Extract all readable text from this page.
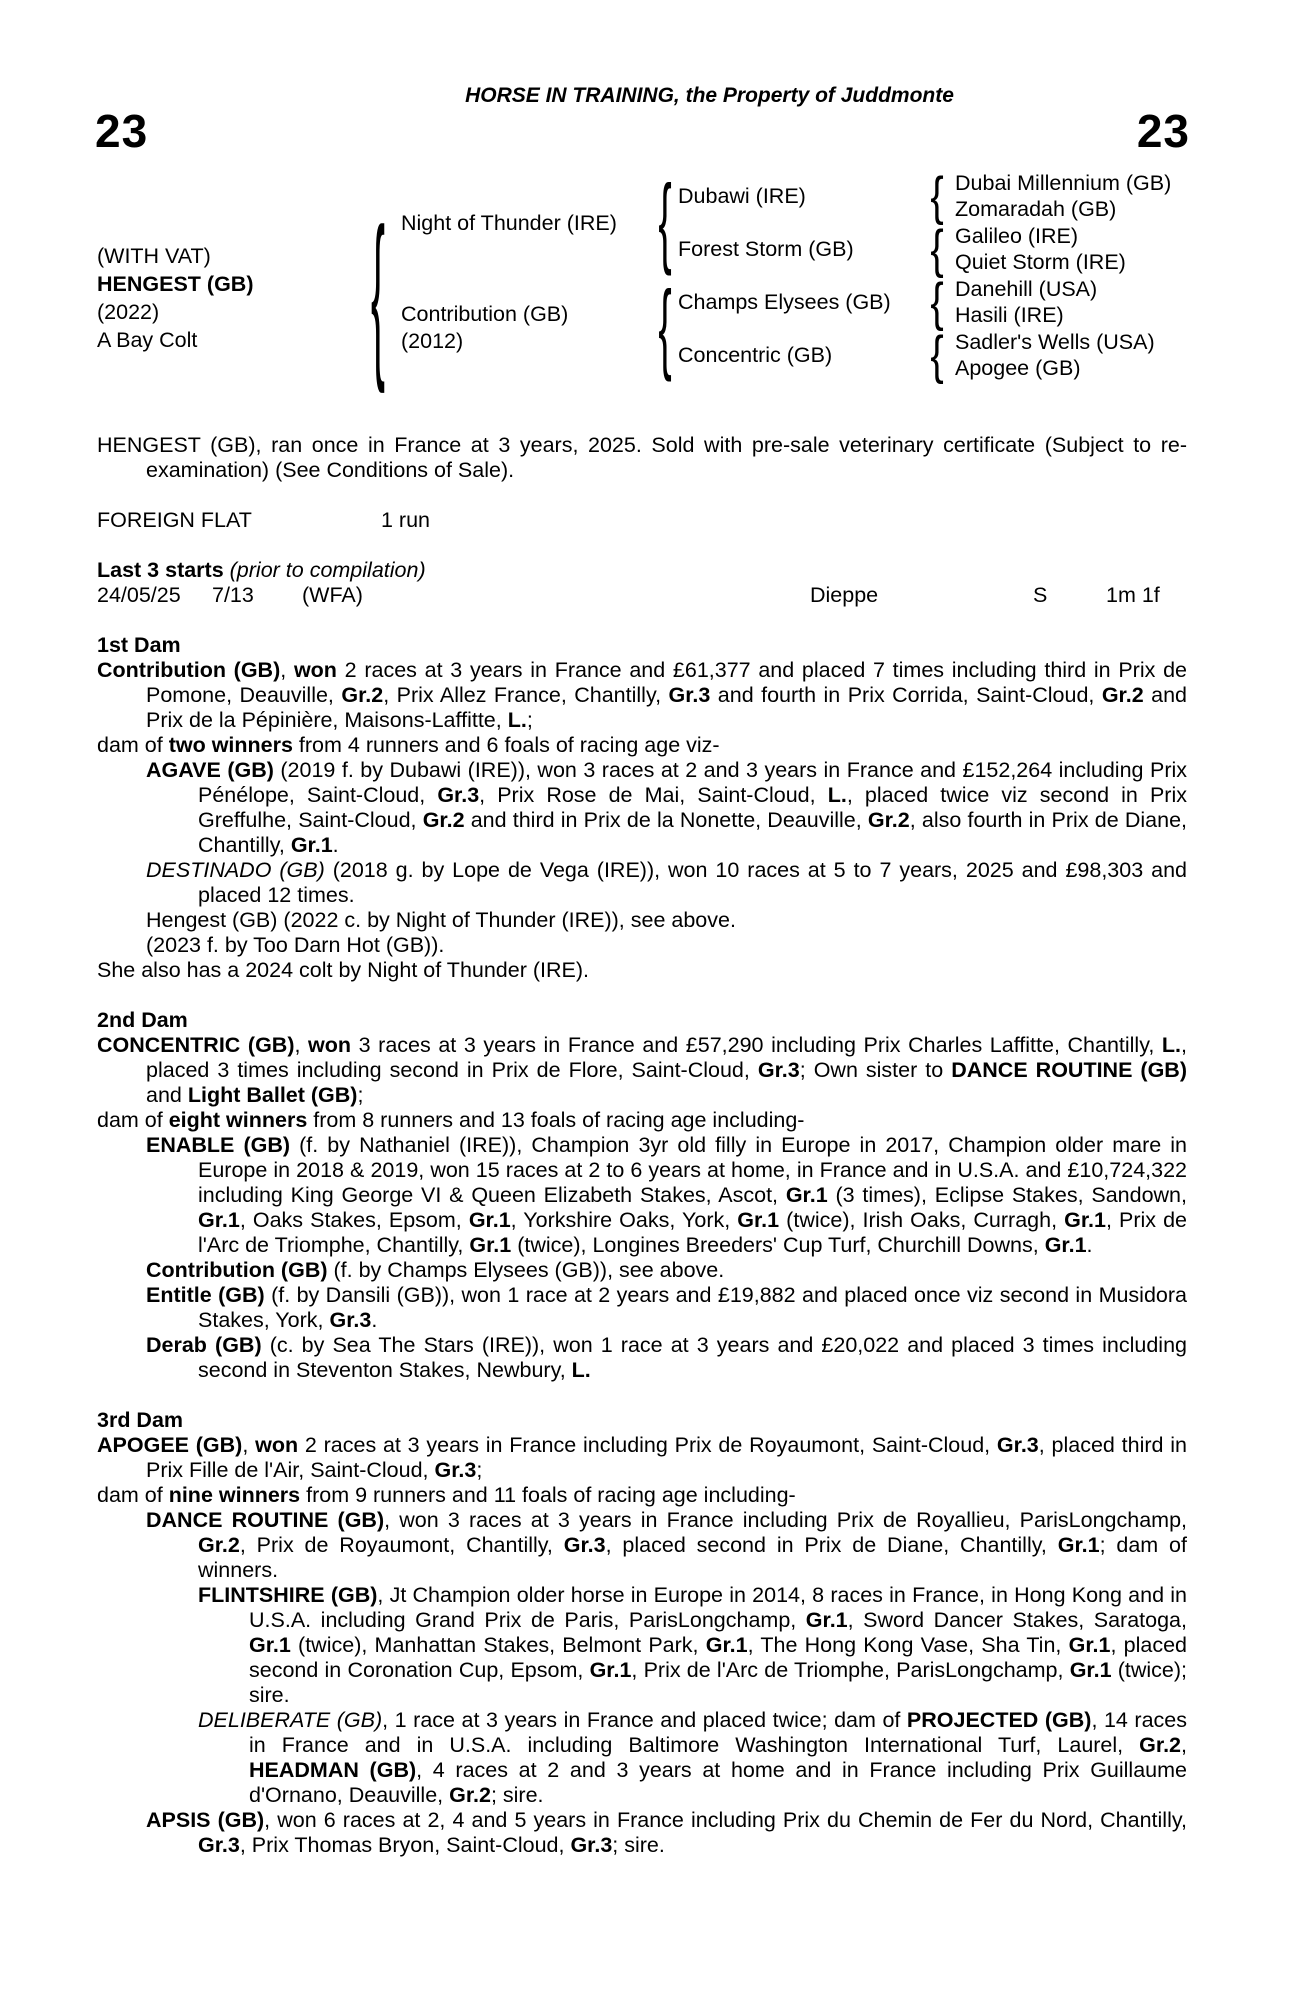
HORSE IN TRAINING, the Property of Juddmonte
23	23
(WITH VAT)
HENGEST (GB)
(2022)
A Bay Colt
{
Night of Thunder (IRE)
Contribution (GB)
(2012)
{
{
Dubawi (IRE)
Forest Storm (GB)
Champs Elysees (GB)
Concentric (GB)
{
{
{
{
Dubai Millennium (GB)
Zomaradah (GB)
Galileo (IRE)
Quiet Storm (IRE)
Danehill (USA)
Hasili (IRE)
Sadler's Wells (USA)
Apogee (GB)
HENGEST (GB), ran once in France at 3 years, 2025. Sold with pre-sale veterinary certificate (Subject to re-examination) (See Conditions of Sale).
FOREIGN FLAT	1 run
Last 3 starts (prior to compilation)
24/05/25 7/13 (WFA)	Dieppe	S	1m 1f
1st Dam
Contribution (GB), won 2 races at 3 years in France and £61,377 and placed 7 times including third in Prix de Pomone, Deauville, Gr.2, Prix Allez France, Chantilly, Gr.3 and fourth in Prix Corrida, Saint-Cloud, Gr.2 and Prix de la Pépinière, Maisons-Laffitte, L.;
dam of two winners from 4 runners and 6 foals of racing age viz-
AGAVE (GB) (2019 f. by Dubawi (IRE)), won 3 races at 2 and 3 years in France and £152,264 including Prix Pénélope, Saint-Cloud, Gr.3, Prix Rose de Mai, Saint-Cloud, L., placed twice viz second in Prix Greffulhe, Saint-Cloud, Gr.2 and third in Prix de la Nonette, Deauville, Gr.2, also fourth in Prix de Diane, Chantilly, Gr.1.
DESTINADO (GB) (2018 g. by Lope de Vega (IRE)), won 10 races at 5 to 7 years, 2025 and £98,303 and placed 12 times.
Hengest (GB) (2022 c. by Night of Thunder (IRE)), see above.
(2023 f. by Too Darn Hot (GB)).
She also has a 2024 colt by Night of Thunder (IRE).
2nd Dam
CONCENTRIC (GB), won 3 races at 3 years in France and £57,290 including Prix Charles Laffitte, Chantilly, L., placed 3 times including second in Prix de Flore, Saint-Cloud, Gr.3; Own sister to DANCE ROUTINE (GB) and Light Ballet (GB);
dam of eight winners from 8 runners and 13 foals of racing age including-
ENABLE (GB) (f. by Nathaniel (IRE)), Champion 3yr old filly in Europe in 2017, Champion older mare in Europe in 2018 & 2019, won 15 races at 2 to 6 years at home, in France and in U.S.A. and £10,724,322 including King George VI & Queen Elizabeth Stakes, Ascot, Gr.1 (3 times), Eclipse Stakes, Sandown, Gr.1, Oaks Stakes, Epsom, Gr.1, Yorkshire Oaks, York, Gr.1 (twice), Irish Oaks, Curragh, Gr.1, Prix de l'Arc de Triomphe, Chantilly, Gr.1 (twice), Longines Breeders' Cup Turf, Churchill Downs, Gr.1.
Contribution (GB) (f. by Champs Elysees (GB)), see above.
Entitle (GB) (f. by Dansili (GB)), won 1 race at 2 years and £19,882 and placed once viz second in Musidora Stakes, York, Gr.3.
Derab (GB) (c. by Sea The Stars (IRE)), won 1 race at 3 years and £20,022 and placed 3 times including second in Steventon Stakes, Newbury, L.
3rd Dam
APOGEE (GB), won 2 races at 3 years in France including Prix de Royaumont, Saint-Cloud, Gr.3, placed third in Prix Fille de l'Air, Saint-Cloud, Gr.3;
dam of nine winners from 9 runners and 11 foals of racing age including-
DANCE ROUTINE (GB), won 3 races at 3 years in France including Prix de Royallieu, ParisLongchamp, Gr.2, Prix de Royaumont, Chantilly, Gr.3, placed second in Prix de Diane, Chantilly, Gr.1; dam of winners.
FLINTSHIRE (GB), Jt Champion older horse in Europe in 2014, 8 races in France, in Hong Kong and in U.S.A. including Grand Prix de Paris, ParisLongchamp, Gr.1, Sword Dancer Stakes, Saratoga, Gr.1 (twice), Manhattan Stakes, Belmont Park, Gr.1, The Hong Kong Vase, Sha Tin, Gr.1, placed second in Coronation Cup, Epsom, Gr.1, Prix de l'Arc de Triomphe, ParisLongchamp, Gr.1 (twice); sire.
DELIBERATE (GB), 1 race at 3 years in France and placed twice; dam of PROJECTED (GB), 14 races in France and in U.S.A. including Baltimore Washington International Turf, Laurel, Gr.2, HEADMAN (GB), 4 races at 2 and 3 years at home and in France including Prix Guillaume d'Ornano, Deauville, Gr.2; sire.
APSIS (GB), won 6 races at 2, 4 and 5 years in France including Prix du Chemin de Fer du Nord, Chantilly, Gr.3, Prix Thomas Bryon, Saint-Cloud, Gr.3; sire.
